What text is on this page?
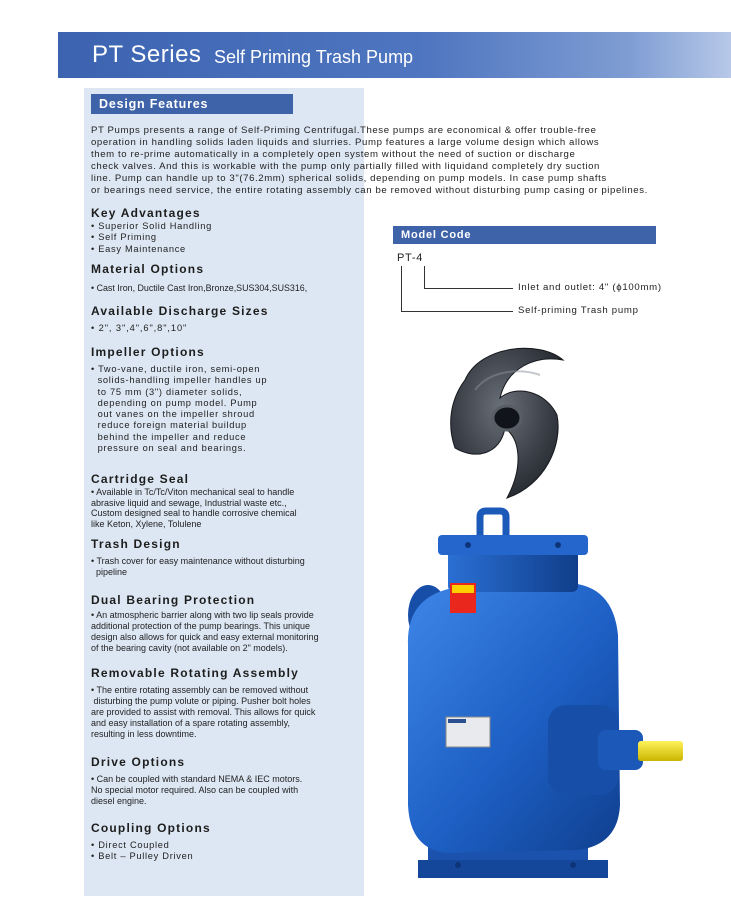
PT Series Self Priming Trash Pump
Design Features
PT Pumps presents a range of Self-Priming Centrifugal.These pumps are economical & offer trouble-free
operation in handling solids laden liquids and slurries. Pump features a large volume design which allows
them to re-prime automatically in a completely open system without the need of suction or discharge
check valves. And this is workable with the pump only partially filled with liquidand completely dry suction
line. Pump can handle up to 3"(76.2mm) spherical solids, depending on pump models. In case pump shafts
or bearings need service, the entire rotating assembly can be removed without disturbing pump casing or pipelines.
Key Advantages
• Superior Solid Handling
• Self Priming
• Easy Maintenance
Material Options
• Cast Iron, Ductile Cast Iron,Bronze,SUS304,SUS316,
Available Discharge Sizes
• 2", 3",4",6",8",10"
Impeller Options
• Two-vane, ductile iron, semi-open
solids-handling impeller handles up
to 75 mm (3") diameter solids,
depending on pump model. Pump
out vanes on the impeller shroud
reduce foreign material buildup
behind the impeller and reduce
pressure on seal and bearings.
Cartridge Seal
• Available in Tc/Tc/Viton mechanical seal to handle
abrasive liquid and sewage, Industrial waste etc.,
Custom designed seal to handle corrosive chemical
like Keton, Xylene, Tolulene
Trash Design
• Trash cover for easy maintenance without disturbing
pipeline
Dual Bearing Protection
• An atmospheric barrier along with two lip seals provide
additional protection of the pump bearings. This unique
design also allows for quick and easy external monitoring
of the bearing cavity (not available on 2" models).
Removable Rotating Assembly
• The entire rotating assembly can be removed without
disturbing the pump volute or piping. Pusher bolt holes
are provided to assist with removal. This allows for quick
and easy installation of a spare rotating assembly,
resulting in less downtime.
Drive Options
• Can be coupled with standard NEMA & IEC motors.
No special motor required. Also can be coupled with
diesel engine.
Coupling Options
• Direct Coupled
• Belt – Pulley Driven
Model Code
PT-4
Inlet and outlet: 4" (ϕ100mm)
Self-priming Trash pump
